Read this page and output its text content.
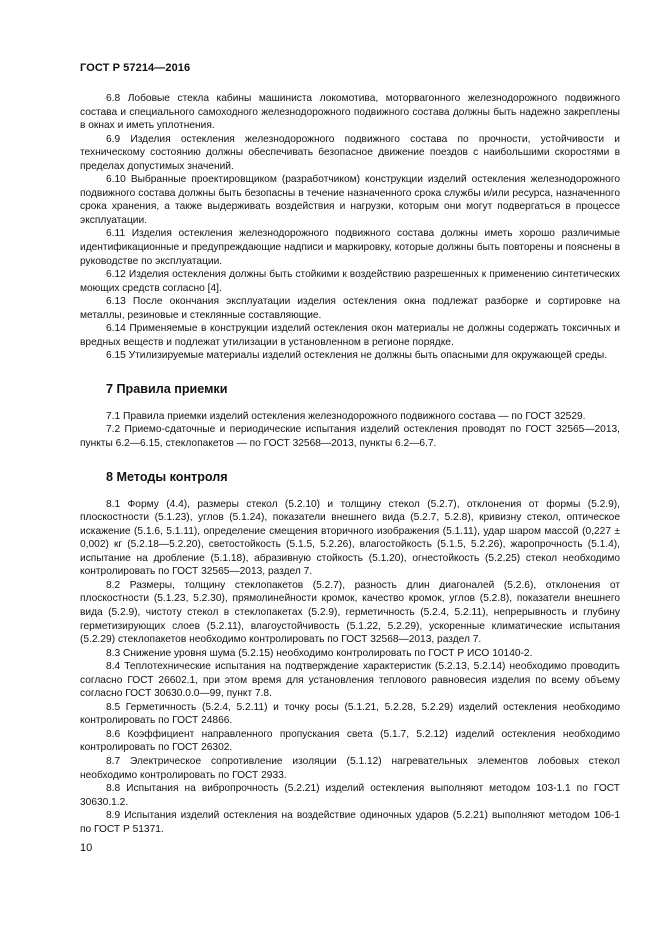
ГОСТ Р 57214—2016

6.8 Лобовые стекла кабины машиниста локомотива, моторвагонного железнодорожного подвижного состава и специального самоходного железнодорожного подвижного состава должны быть надежно закреплены в окнах и иметь уплотнения.

6.9 Изделия остекления железнодорожного подвижного состава по прочности, устойчивости и техническому состоянию должны обеспечивать безопасное движение поездов с наибольшими скоростями в пределах допустимых значений.

6.10 Выбранные проектировщиком (разработчиком) конструкции изделий остекления железнодорожного подвижного состава должны быть безопасны в течение назначенного срока службы и/или ресурса, назначенного срока хранения, а также выдерживать воздействия и нагрузки, которым они могут подвергаться в процессе эксплуатации.

6.11 Изделия остекления железнодорожного подвижного состава должны иметь хорошо различимые идентификационные и предупреждающие надписи и маркировку, которые должны быть повторены и пояснены в руководстве по эксплуатации.

6.12 Изделия остекления должны быть стойкими к воздействию разрешенных к применению синтетических моющих средств согласно [4].

6.13 После окончания эксплуатации изделия остекления окна подлежат разборке и сортировке на металлы, резиновые и стеклянные составляющие.

6.14 Применяемые в конструкции изделий остекления окон материалы не должны содержать токсичных и вредных веществ и подлежат утилизации в установленном в регионе порядке.

6.15 Утилизируемые материалы изделий остекления не должны быть опасными для окружающей среды.

7 Правила приемки

7.1 Правила приемки изделий остекления железнодорожного подвижного состава — по ГОСТ 32529.

7.2 Приемо-сдаточные и периодические испытания изделий остекления проводят по ГОСТ 32565—2013, пункты 6.2—6.15, стеклопакетов — по ГОСТ 32568—2013, пункты 6.2—6.7.

8 Методы контроля

8.1 Форму (4.4), размеры стекол (5.2.10) и толщину стекол (5.2.7), отклонения от формы (5.2.9), плоскостности (5.1.23), углов (5.1.24), показатели внешнего вида (5.2.7, 5.2.8), кривизну стекол, оптическое искажение (5.1.6, 5.1.11), определение смещения вторичного изображения (5.1.11), удар шаром массой (0,227 ± 0,002) кг (5.2.18—5.2.20), светостойкость (5.1.5, 5.2.26), влагостойкость (5.1.5, 5.2.26), жаропрочность (5.1.4), испытание на дробление (5.1.18), абразивную стойкость (5.1.20), огнестойкость (5.2.25) стекол необходимо контролировать по ГОСТ 32565—2013, раздел 7.

8.2 Размеры, толщину стеклопакетов (5.2.7), разность длин диагоналей (5.2.6), отклонения от плоскостности (5.1.23, 5.2.30), прямолинейности кромок, качество кромок, углов (5.2.8), показатели внешнего вида (5.2.9), чистоту стекол в стеклопакетах (5.2.9), герметичность (5.2.4, 5.2.11), непрерывность и глубину герметизирующих слоев (5.2.11), влагоустойчивость (5.1.22, 5.2.29), ускоренные климатические испытания (5.2.29) стеклопакетов необходимо контролировать по ГОСТ 32568—2013, раздел 7.

8.3 Снижение уровня шума (5.2.15) необходимо контролировать по ГОСТ Р ИСО 10140-2.

8.4 Теплотехнические испытания на подтверждение характеристик (5.2.13, 5.2.14) необходимо проводить согласно ГОСТ 26602.1, при этом время для установления теплового равновесия изделия по всему объему согласно ГОСТ 30630.0.0—99, пункт 7.8.

8.5 Герметичность (5.2.4, 5.2.11) и точку росы (5.1.21, 5.2.28, 5.2.29) изделий остекления необходимо контролировать по ГОСТ 24866.

8.6 Коэффициент направленного пропускания света (5.1.7, 5.2.12) изделий остекления необходимо контролировать по ГОСТ 26302.

8.7 Электрическое сопротивление изоляции (5.1.12) нагревательных элементов лобовых стекол необходимо контролировать по ГОСТ 2933.

8.8 Испытания на вибропрочность (5.2.21) изделий остекления выполняют методом 103-1.1 по ГОСТ 30630.1.2.

8.9 Испытания изделий остекления на воздействие одиночных ударов (5.2.21) выполняют методом 106-1 по ГОСТ Р 51371.

10
